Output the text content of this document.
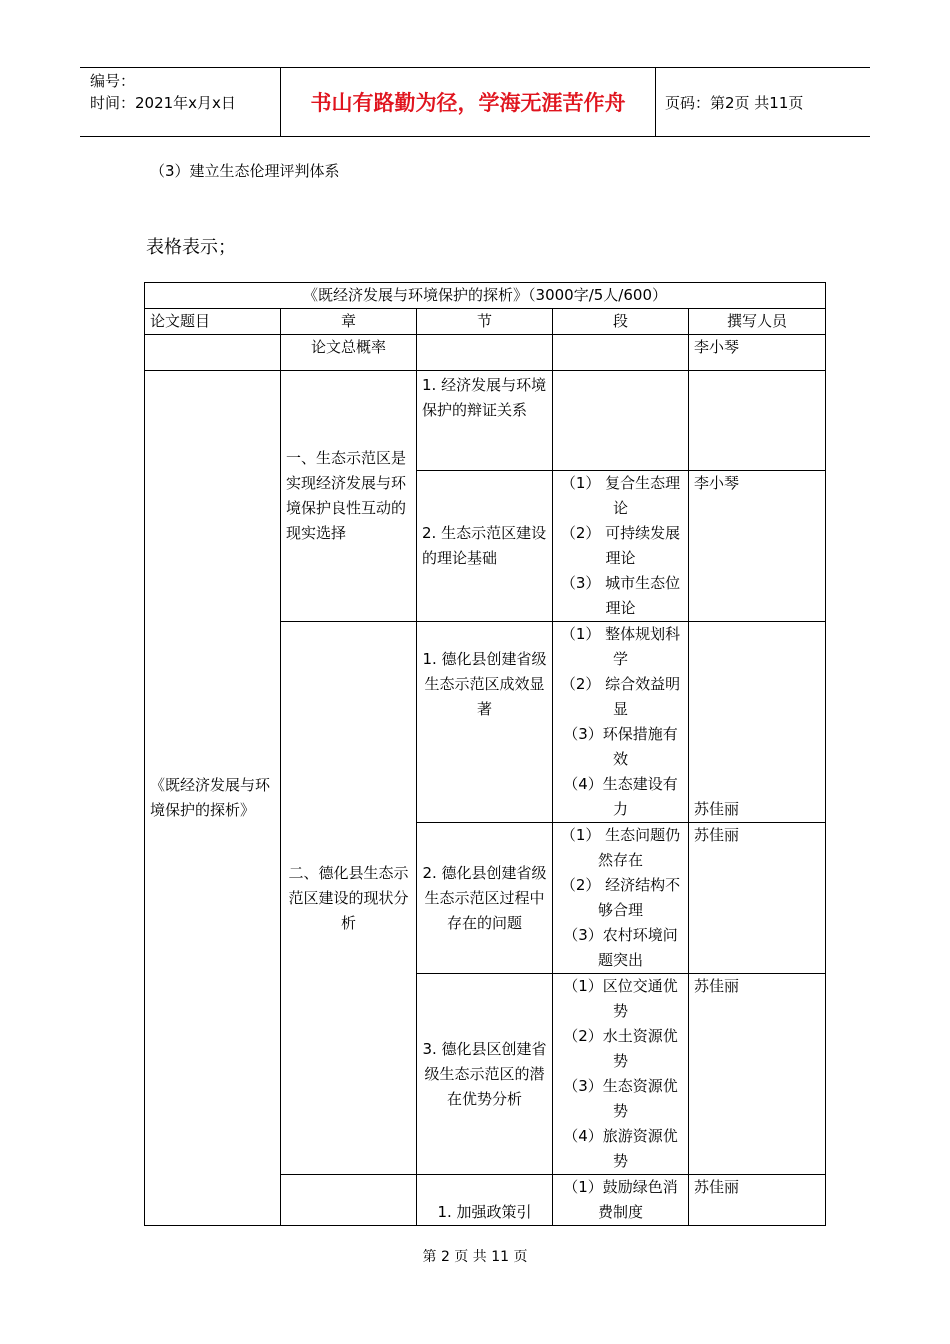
编号：
时间：2021年x月x日	书山有路勤为径，学海无涯苦作舟	页码：第2页 共11页
（3）建立生态伦理评判体系
表格表示；
《既经济发展与环境保护的探析》（3000字/5人/600）				
论文题目	章	节	段	撰写人员
	论文总概率			李小琴
《既经济发展与环境保护的探析》	一、生态示范区是实现经济发展与环境保护良性互动的现实选择	1. 经济发展与环境保护的辩证关系		
		2. 生态示范区建设的理论基础	（1） 复合生态理论
（2） 可持续发展理论
（3） 城市生态位理论	李小琴
	二、德化县生态示范区建设的现状分析	1. 德化县创建省级生态示范区成效显著	（1） 整体规划科学
（2） 综合效益明显
（3）环保措施有效
（4）生态建设有力	苏佳丽
		2. 德化县创建省级生态示范区过程中存在的问题	（1） 生态问题仍然存在
（2） 经济结构不够合理
（3）农村环境问题突出	苏佳丽
		3. 德化县区创建省级生态示范区的潜在优势分析	（1）区位交通优势
（2）水土资源优势
（3）生态资源优势
（4）旅游资源优势	苏佳丽
		1. 加强政策引	（1）鼓励绿色消费制度	苏佳丽
第 2 页 共 11 页
